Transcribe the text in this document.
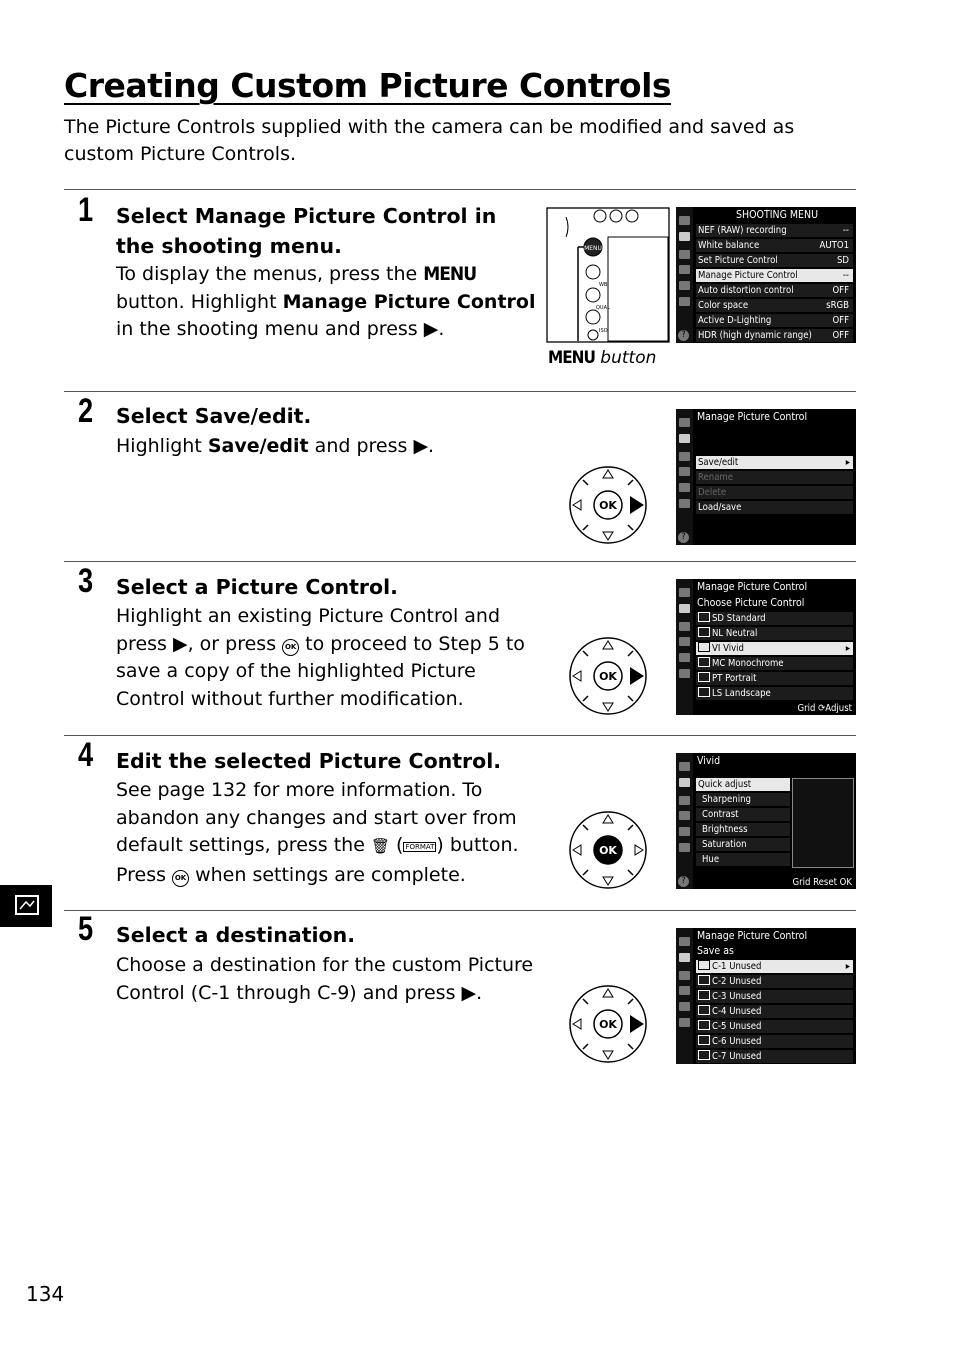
Creating Custom Picture Controls
The Picture Controls supplied with the camera can be modified and saved as custom Picture Controls.
1 Select Manage Picture Control in the shooting menu.
To display the menus, press the MENU button. Highlight Manage Picture Control in the shooting menu and press ▶.
MENU
WB
QUAL
ISO
MENU button
SHOOTING MENU
NEF (RAW) recording	--
White balance	AUTO1
Set Picture Control	SD
Manage Picture Control	--
Auto distortion control	OFF
Color space	sRGB
Active D-Lighting	OFF
HDR (high dynamic range) OFF
?
2 Select Save/edit.
Highlight Save/edit and press ▶.
OK
Manage Picture Control
Save/edit	▸
Rename
Delete
Load/save
?
3 Select a Picture Control.
Highlight an existing Picture Control and press ▶, or press OK to proceed to Step 5 to save a copy of the highlighted Picture Control without further modification.
OK
Manage Picture Control
Choose Picture Control
SD Standard
NL Neutral
VI Vivid	▸
MC Monochrome
PT Portrait
LS Landscape
Grid ⟳Adjust
4 Edit the selected Picture Control.
See page 132 for more information. To abandon any changes and start over from default settings, press the 🗑 ( FORMAT ) button. Press OK when settings are complete.
OK
Vivid
Quick adjust
Sharpening
Contrast
Brightness
Saturation
Hue
?	Grid Reset OK
5 Select a destination.
Choose a destination for the custom Picture Control (C-1 through C-9) and press ▶.
OK
Manage Picture Control
Save as
C-1 Unused	▸
C-2 Unused
C-3 Unused
C-4 Unused
C-5 Unused
C-6 Unused
C-7 Unused
134
